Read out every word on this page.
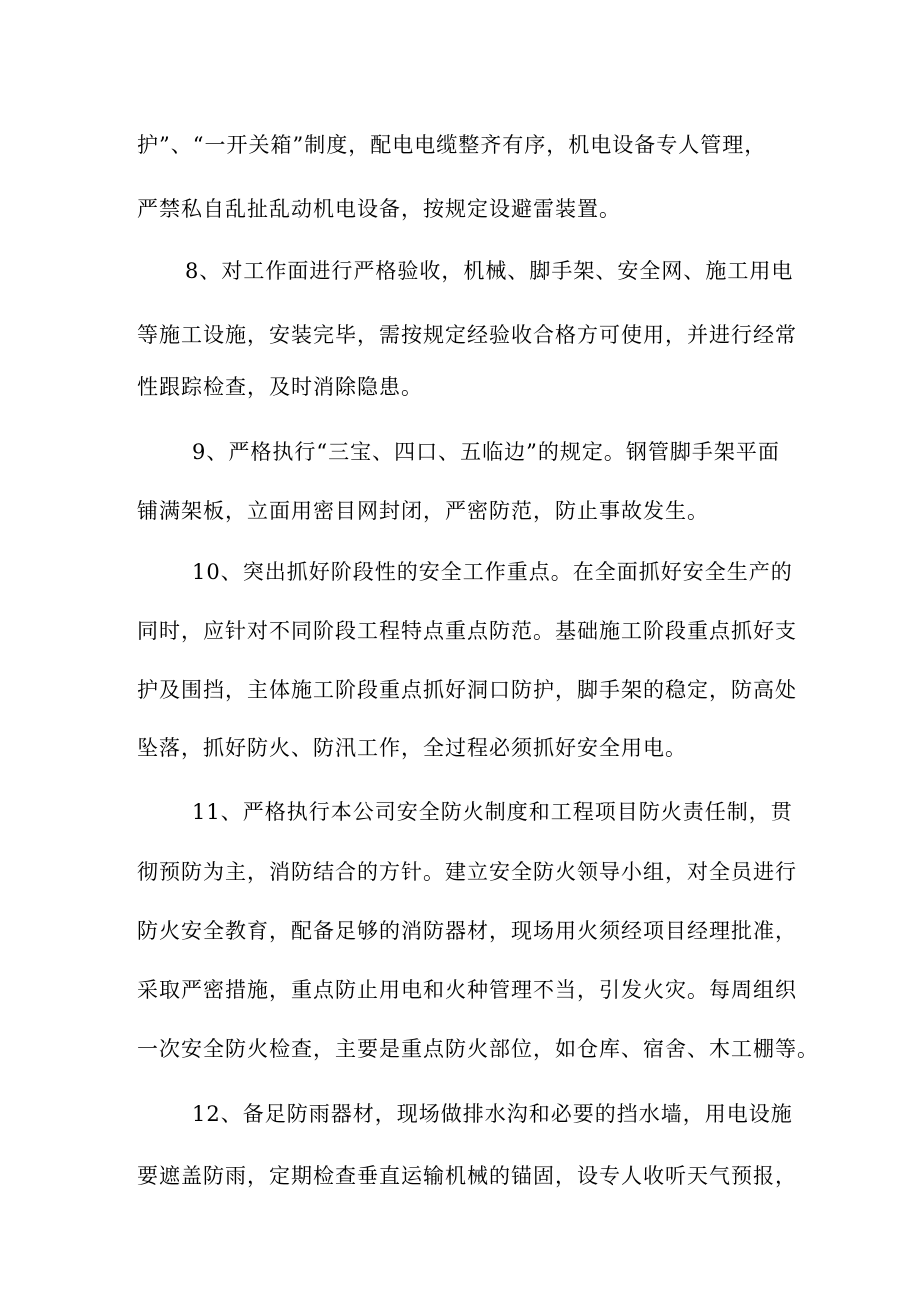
护”、“一开关箱”制度，配电电缆整齐有序，机电设备专人管理，
严禁私自乱扯乱动机电设备，按规定设避雷装置。
8、对工作面进行严格验收，机械、脚手架、安全网、施工用电
等施工设施，安装完毕，需按规定经验收合格方可使用，并进行经常
性跟踪检查，及时消除隐患。
9、严格执行“三宝、四口、五临边”的规定。钢管脚手架平面
铺满架板，立面用密目网封闭，严密防范，防止事故发生。
10、突出抓好阶段性的安全工作重点。在全面抓好安全生产的
同时，应针对不同阶段工程特点重点防范。基础施工阶段重点抓好支
护及围挡，主体施工阶段重点抓好洞口防护，脚手架的稳定，防高处
坠落，抓好防火、防汛工作，全过程必须抓好安全用电。
11、严格执行本公司安全防火制度和工程项目防火责任制，贯
彻预防为主，消防结合的方针。建立安全防火领导小组，对全员进行
防火安全教育，配备足够的消防器材，现场用火须经项目经理批准，
采取严密措施，重点防止用电和火种管理不当，引发火灾。每周组织
一次安全防火检查，主要是重点防火部位，如仓库、宿舍、木工棚等。
12、备足防雨器材，现场做排水沟和必要的挡水墙，用电设施
要遮盖防雨，定期检查垂直运输机械的锚固，设专人收听天气预报，
